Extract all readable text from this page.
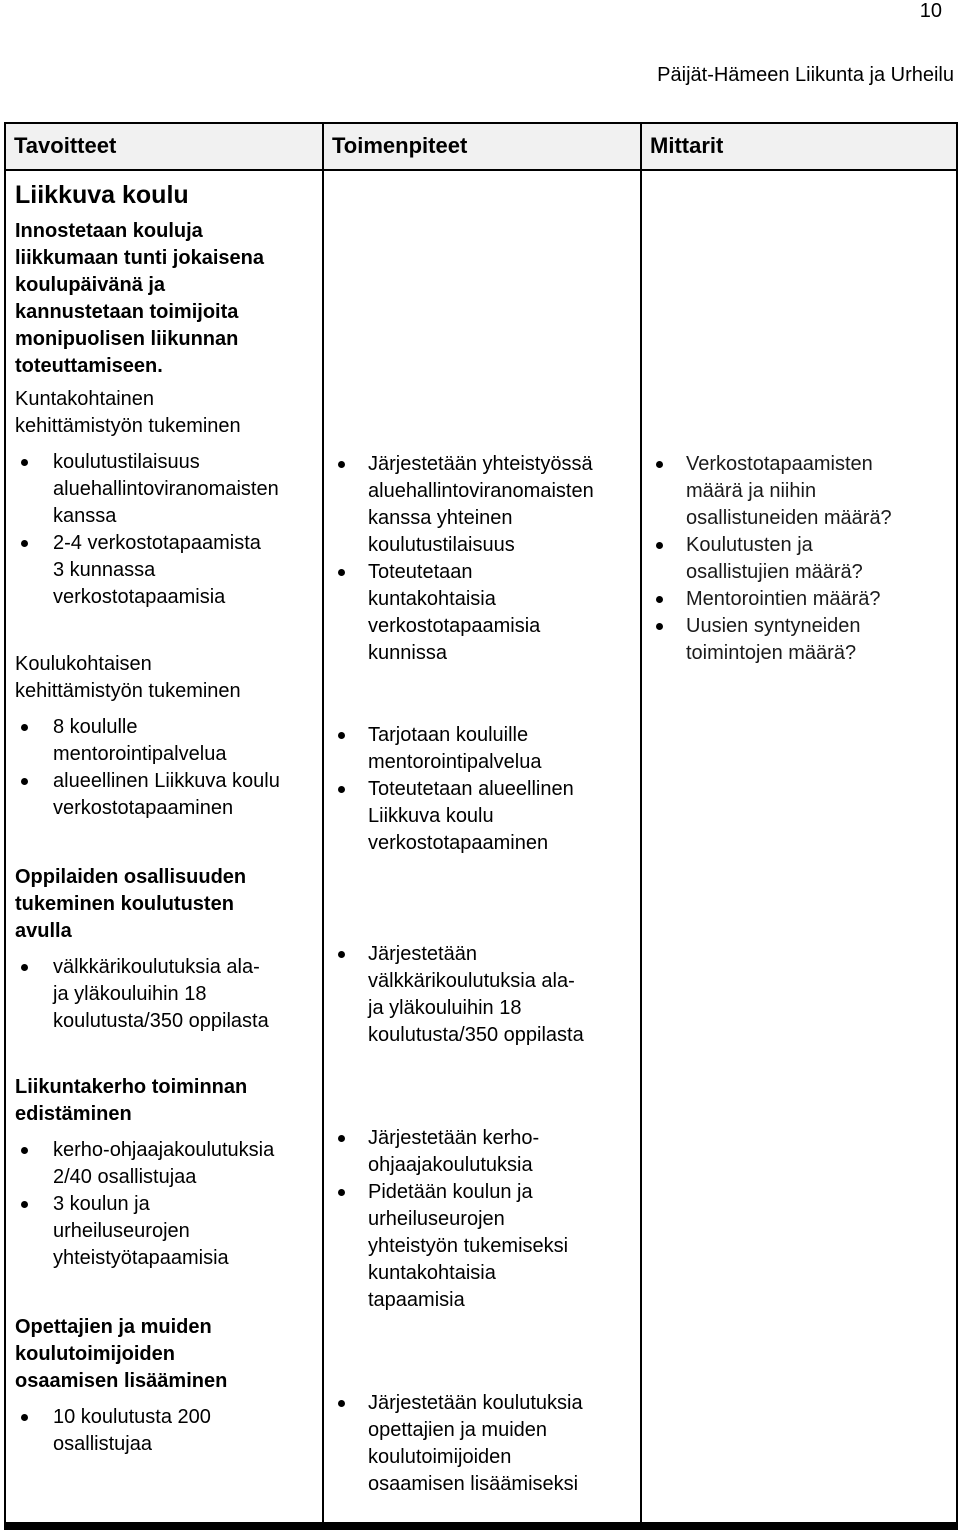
10
Päijät-Hämeen Liikunta ja Urheilu
Tavoitteet	Toimenpiteet	Mittarit
Liikkuva koulu
Innostetaan kouluja
liikkumaan tunti jokaisena
koulupäivänä ja
kannustetaan toimijoita
monipuolisen liikunnan
toteuttamiseen.
Kuntakohtainen
kehittämistyön tukeminen
koulutustilaisuus
aluehallintoviranomaisten
kanssa
2-4 verkostotapaamista
3 kunnassa
verkostotapaamisia
Koulukohtaisen
kehittämistyön tukeminen
8 koululle
mentorointipalvelua
alueellinen Liikkuva koulu
verkostotapaaminen
Oppilaiden osallisuuden
tukeminen koulutusten
avulla
välkkärikoulutuksia ala-
ja yläkouluihin 18
koulutusta/350 oppilasta
Liikuntakerho toiminnan
edistäminen
kerho-ohjaajakoulutuksia
2/40 osallistujaa
3 koulun ja
urheiluseurojen
yhteistyötapaamisia
Opettajien ja muiden
koulutoimijoiden
osaamisen lisääminen
10 koulutusta 200
osallistujaa
Järjestetään yhteistyössä
aluehallintoviranomaisten
kanssa yhteinen
koulutustilaisuus
Toteutetaan
kuntakohtaisia
verkostotapaamisia
kunnissa
Tarjotaan kouluille
mentorointipalvelua
Toteutetaan alueellinen
Liikkuva koulu
verkostotapaaminen
Järjestetään
välkkärikoulutuksia ala-
ja yläkouluihin 18
koulutusta/350 oppilasta
Järjestetään kerho-
ohjaajakoulutuksia
Pidetään koulun ja
urheiluseurojen
yhteistyön tukemiseksi
kuntakohtaisia
tapaamisia
Järjestetään koulutuksia
opettajien ja muiden
koulutoimijoiden
osaamisen lisäämiseksi
Verkostotapaamisten
määrä ja niihin
osallistuneiden määrä?
Koulutusten ja
osallistujien määrä?
Mentorointien määrä?
Uusien syntyneiden
toimintojen määrä?
